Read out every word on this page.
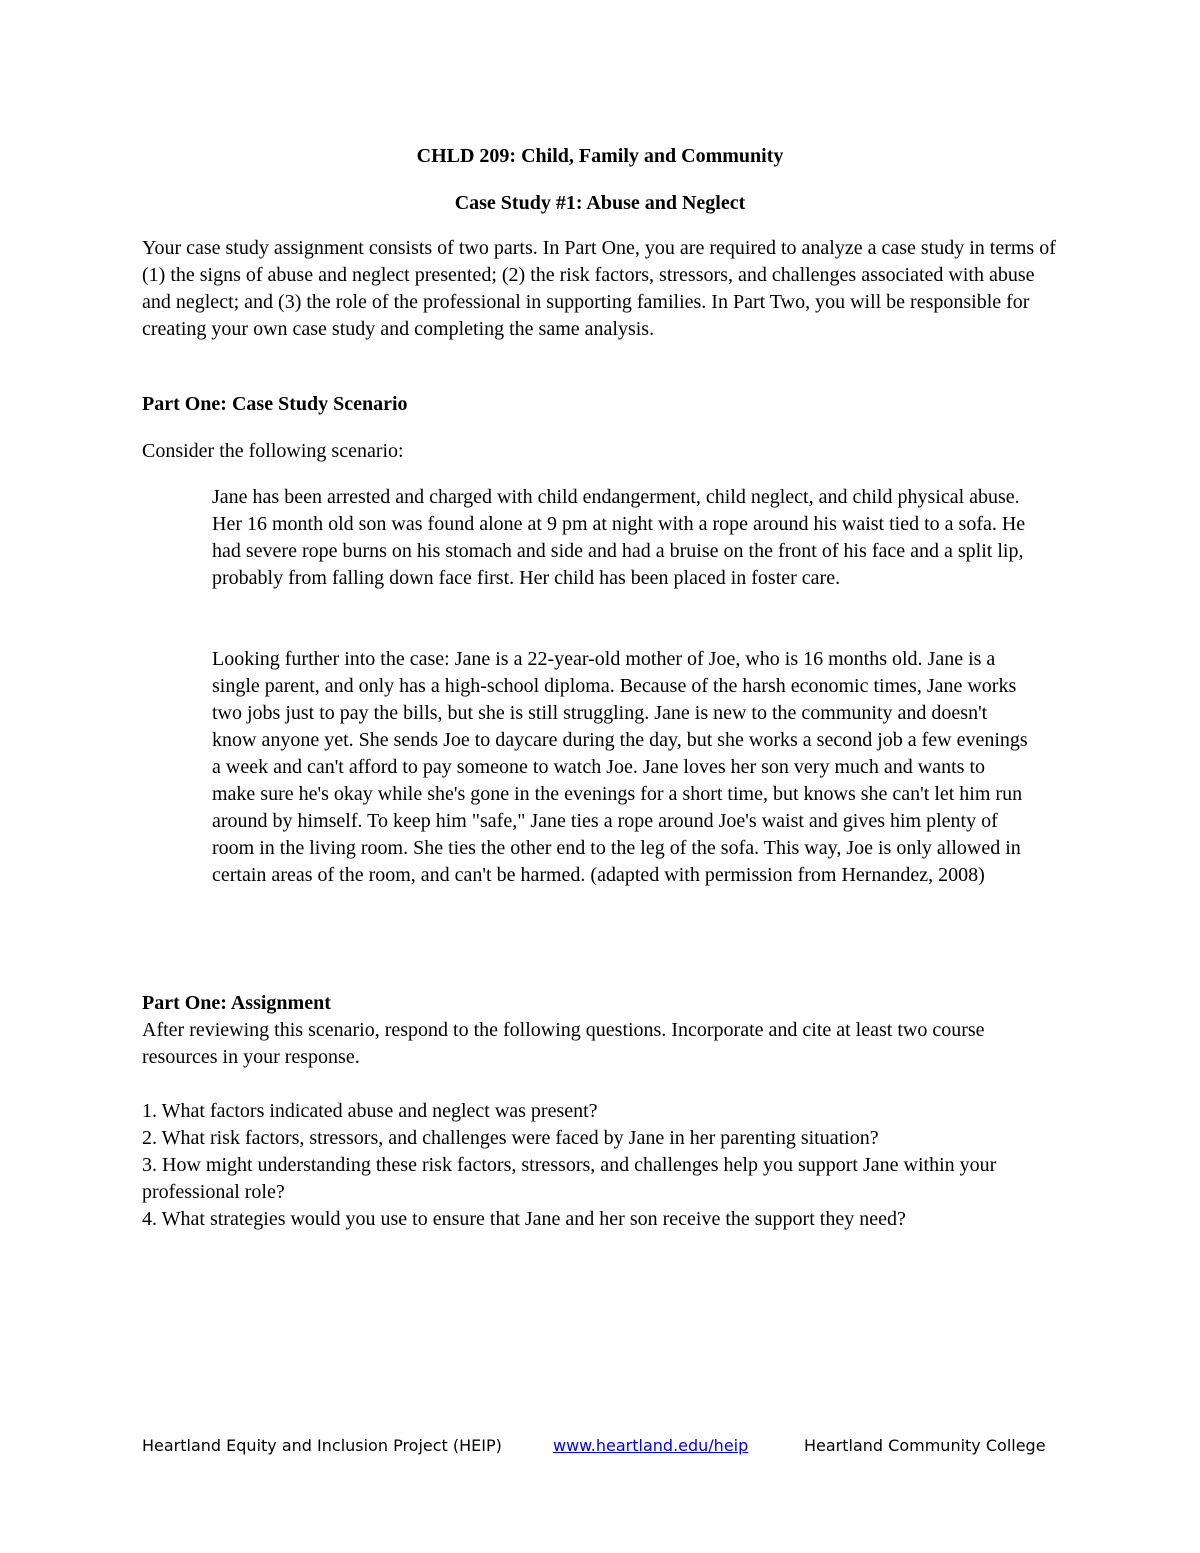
CHLD 209: Child, Family and Community
Case Study #1: Abuse and Neglect

Your case study assignment consists of two parts. In Part One, you are required to analyze a case study in terms of (1) the signs of abuse and neglect presented; (2) the risk factors, stressors, and challenges associated with abuse and neglect; and (3) the role of the professional in supporting families. In Part Two, you will be responsible for creating your own case study and completing the same analysis.

Part One: Case Study Scenario

Consider the following scenario:

Jane has been arrested and charged with child endangerment, child neglect, and child physical abuse. Her 16 month old son was found alone at 9 pm at night with a rope around his waist tied to a sofa. He had severe rope burns on his stomach and side and had a bruise on the front of his face and a split lip, probably from falling down face first. Her child has been placed in foster care.

Looking further into the case: Jane is a 22-year-old mother of Joe, who is 16 months old. Jane is a single parent, and only has a high-school diploma. Because of the harsh economic times, Jane works two jobs just to pay the bills, but she is still struggling. Jane is new to the community and doesn't know anyone yet. She sends Joe to daycare during the day, but she works a second job a few evenings a week and can't afford to pay someone to watch Joe. Jane loves her son very much and wants to make sure he's okay while she's gone in the evenings for a short time, but knows she can't let him run around by himself. To keep him "safe," Jane ties a rope around Joe's waist and gives him plenty of room in the living room. She ties the other end to the leg of the sofa. This way, Joe is only allowed in certain areas of the room, and can't be harmed. (adapted with permission from Hernandez, 2008)

Part One: Assignment

After reviewing this scenario, respond to the following questions. Incorporate and cite at least two course resources in your response.

1. What factors indicated abuse and neglect was present?
2. What risk factors, stressors, and challenges were faced by Jane in her parenting situation?
3. How might understanding these risk factors, stressors, and challenges help you support Jane within your professional role?
4. What strategies would you use to ensure that Jane and her son receive the support they need?
Heartland Equity and Inclusion Project (HEIP)	www.heartland.edu/heip	Heartland Community College
